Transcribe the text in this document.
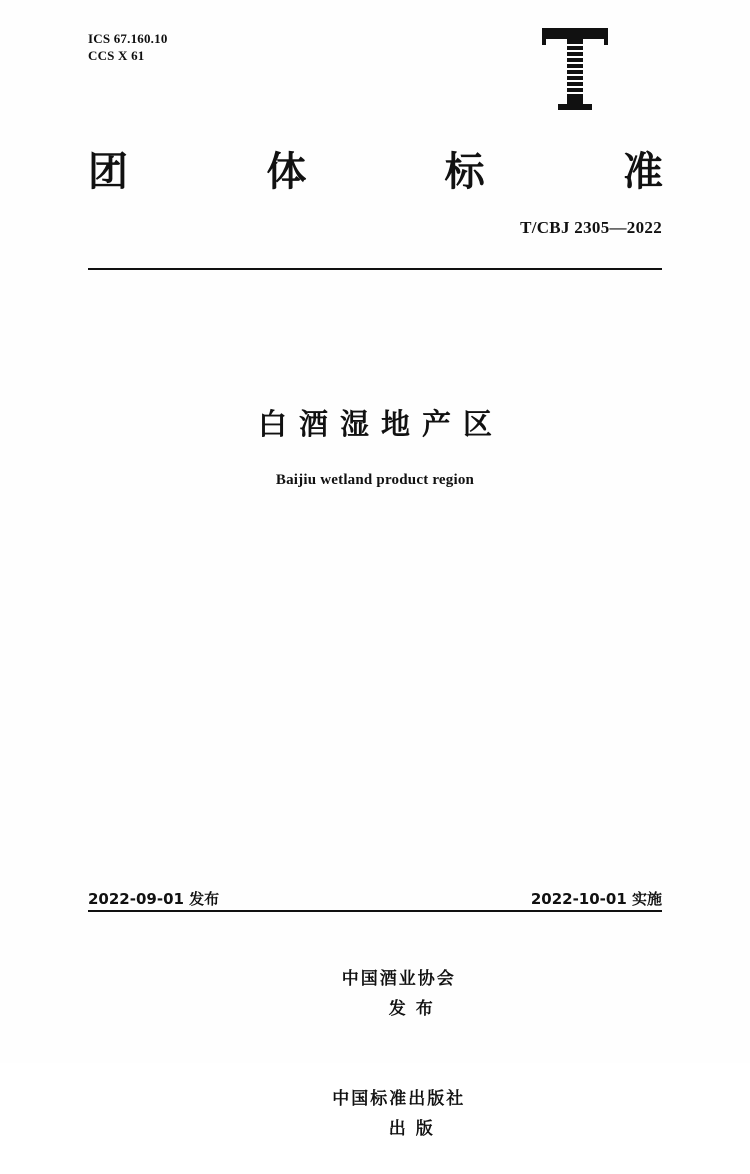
ICS 67.160.10
CCS X 61
团	体	标	准
T/CBJ 2305—2022
白酒湿地产区
Baijiu wetland product region
2022-09-01 发布	2022-10-01 实施

中国酒业协会
发 布

中国标准出版社
出 版
